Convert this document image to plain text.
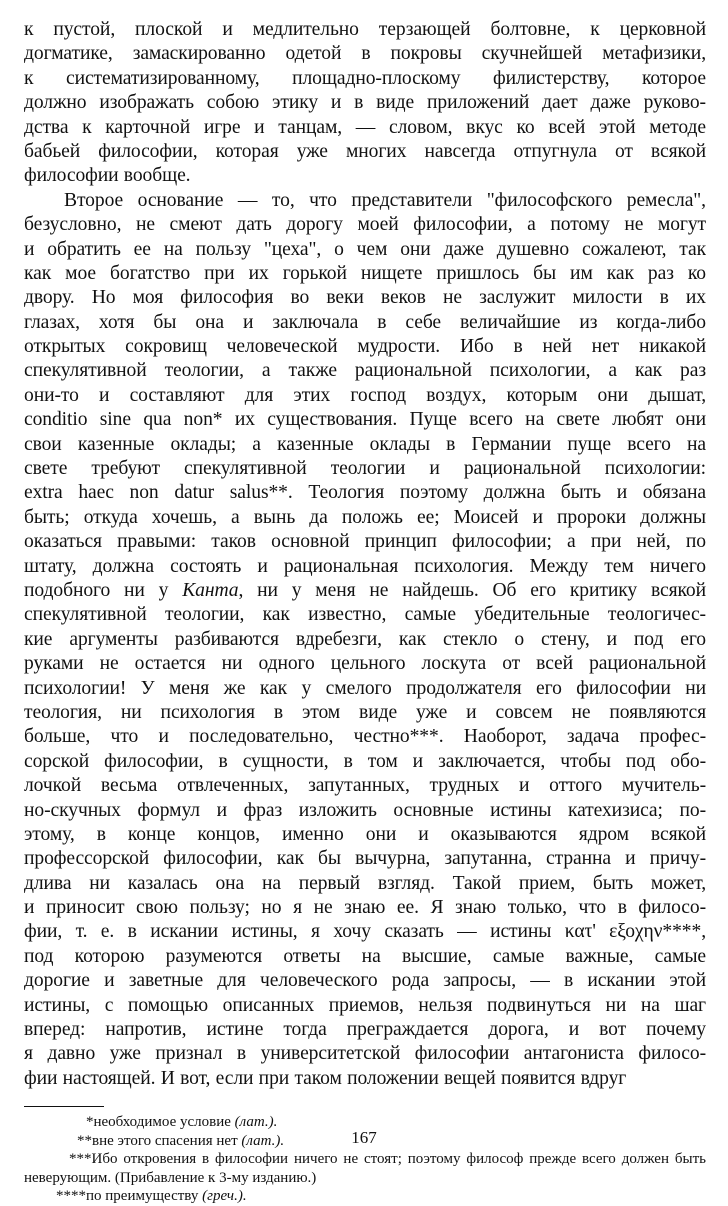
к пустой, плоской и медлительно терзающей болтовне, к церковной
догматике, замаскированно одетой в покровы скучнейшей метафизики,
к систематизированному, площадно-плоскому филистерству, которое
должно изображать собою этику и в виде приложений дает даже руково-
дства к карточной игре и танцам, — словом, вкус ко всей этой методе
бабьей философии, которая уже многих навсегда отпугнула от всякой
философии вообще.

Второе основание — то, что представители "философского ремесла",
безусловно, не смеют дать дорогу моей философии, а потому не могут
и обратить ее на пользу "цеха", о чем они даже душевно сожалеют, так
как мое богатство при их горькой нищете пришлось бы им как раз ко
двору. Но моя философия во веки веков не заслужит милости в их
глазах, хотя бы она и заключала в себе величайшие из когда-либо
открытых сокровищ человеческой мудрости. Ибо в ней нет никакой
спекулятивной теологии, а также рациональной психологии, а как раз
они-то и составляют для этих господ воздух, которым они дышат,
conditio sine qua non* их существования. Пуще всего на свете любят они
свои казенные оклады; а казенные оклады в Германии пуще всего на
свете требуют спекулятивной теологии и рациональной психологии:
extra haec non datur salus**. Теология поэтому должна быть и обязана
быть; откуда хочешь, а вынь да положь ее; Моисей и пророки должны
оказаться правыми: таков основной принцип философии; а при ней, по
штату, должна состоять и рациональная психология. Между тем ничего
подобного ни у Канта, ни у меня не найдешь. Об его критику всякой
спекулятивной теологии, как известно, самые убедительные теологичес-
кие аргументы разбиваются вдребезги, как стекло о стену, и под его
руками не остается ни одного цельного лоскута от всей рациональной
психологии! У меня же как у смелого продолжателя его философии ни
теология, ни психология в этом виде уже и совсем не появляются
больше, что и последовательно, честно***. Наоборот, задача профес-
сорской философии, в сущности, в том и заключается, чтобы под обо-
лочкой весьма отвлеченных, запутанных, трудных и оттого мучитель-
но-скучных формул и фраз изложить основные истины катехизиса; по-
этому, в конце концов, именно они и оказываются ядром всякой
профессорской философии, как бы вычурна, запутанна, странна и причу-
длива ни казалась она на первый взгляд. Такой прием, быть может,
и приносит свою пользу; но я не знаю ее. Я знаю только, что в филосо-
фии, т. е. в искании истины, я хочу сказать — истины κατ' εξοχην****,
под которою разумеются ответы на высшие, самые важные, самые
дорогие и заветные для человеческого рода запросы, — в искании этой
истины, с помощью описанных приемов, нельзя подвинуться ни на шаг
вперед: напротив, истине тогда преграждается дорога, и вот почему
я давно уже признал в университетской философии антагониста филосо-
фии настоящей. И вот, если при таком положении вещей появится вдруг

*необходимое условие (лат.).

**вне этого спасения нет (лат.).

***Ибо откровения в философии ничего не стоят; поэтому философ прежде всего должен быть неверующим. (Прибавление к 3-му изданию.)

****по преимуществу (греч.).

167
